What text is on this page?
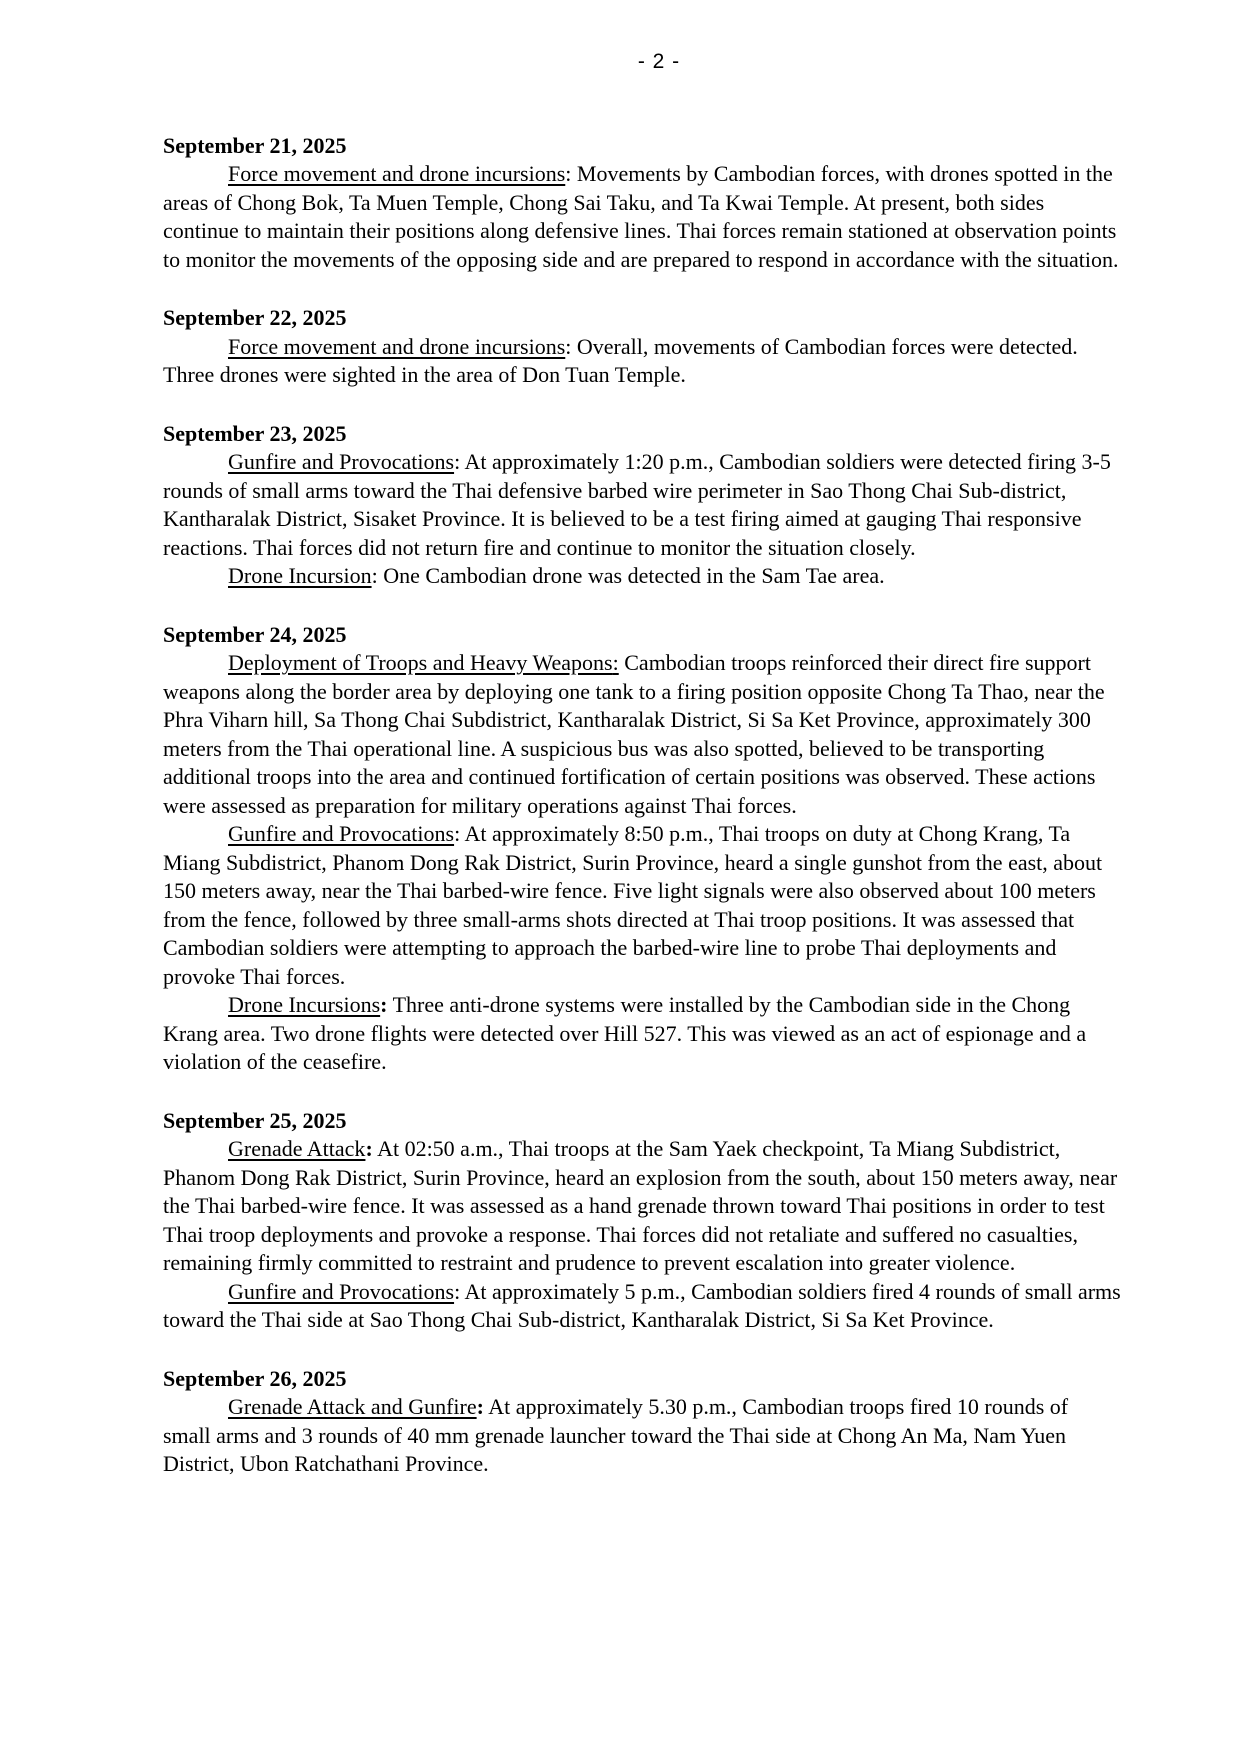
- 2 -
September 21, 2025

Force movement and drone incursions: Movements by Cambodian forces, with drones spotted in the areas of Chong Bok, Ta Muen Temple, Chong Sai Taku, and Ta Kwai Temple. At present, both sides continue to maintain their positions along defensive lines. Thai forces remain stationed at observation points to monitor the movements of the opposing side and are prepared to respond in accordance with the situation.

September 22, 2025

Force movement and drone incursions: Overall, movements of Cambodian forces were detected. Three drones were sighted in the area of Don Tuan Temple.

September 23, 2025

Gunfire and Provocations: At approximately 1:20 p.m., Cambodian soldiers were detected firing 3-5 rounds of small arms toward the Thai defensive barbed wire perimeter in Sao Thong Chai Sub-district, Kantharalak District, Sisaket Province. It is believed to be a test firing aimed at gauging Thai responsive reactions. Thai forces did not return fire and continue to monitor the situation closely.

Drone Incursion: One Cambodian drone was detected in the Sam Tae area.

September 24, 2025

Deployment of Troops and Heavy Weapons: Cambodian troops reinforced their direct fire support weapons along the border area by deploying one tank to a firing position opposite Chong Ta Thao, near the Phra Viharn hill, Sa Thong Chai Subdistrict, Kantharalak District, Si Sa Ket Province, approximately 300 meters from the Thai operational line. A suspicious bus was also spotted, believed to be transporting additional troops into the area and continued fortification of certain positions was observed. These actions were assessed as preparation for military operations against Thai forces.

Gunfire and Provocations: At approximately 8:50 p.m., Thai troops on duty at Chong Krang, Ta Miang Subdistrict, Phanom Dong Rak District, Surin Province, heard a single gunshot from the east, about 150 meters away, near the Thai barbed-wire fence. Five light signals were also observed about 100 meters from the fence, followed by three small-arms shots directed at Thai troop positions. It was assessed that Cambodian soldiers were attempting to approach the barbed-wire line to probe Thai deployments and provoke Thai forces.

Drone Incursions: Three anti-drone systems were installed by the Cambodian side in the Chong Krang area. Two drone flights were detected over Hill 527. This was viewed as an act of espionage and a violation of the ceasefire.

September 25, 2025

Grenade Attack: At 02:50 a.m., Thai troops at the Sam Yaek checkpoint, Ta Miang Subdistrict, Phanom Dong Rak District, Surin Province, heard an explosion from the south, about 150 meters away, near the Thai barbed-wire fence. It was assessed as a hand grenade thrown toward Thai positions in order to test Thai troop deployments and provoke a response. Thai forces did not retaliate and suffered no casualties, remaining firmly committed to restraint and prudence to prevent escalation into greater violence.

Gunfire and Provocations: At approximately 5 p.m., Cambodian soldiers fired 4 rounds of small arms toward the Thai side at Sao Thong Chai Sub-district, Kantharalak District, Si Sa Ket Province.

September 26, 2025

Grenade Attack and Gunfire: At approximately 5.30 p.m., Cambodian troops fired 10 rounds of small arms and 3 rounds of 40 mm grenade launcher toward the Thai side at Chong An Ma, Nam Yuen District, Ubon Ratchathani Province.
